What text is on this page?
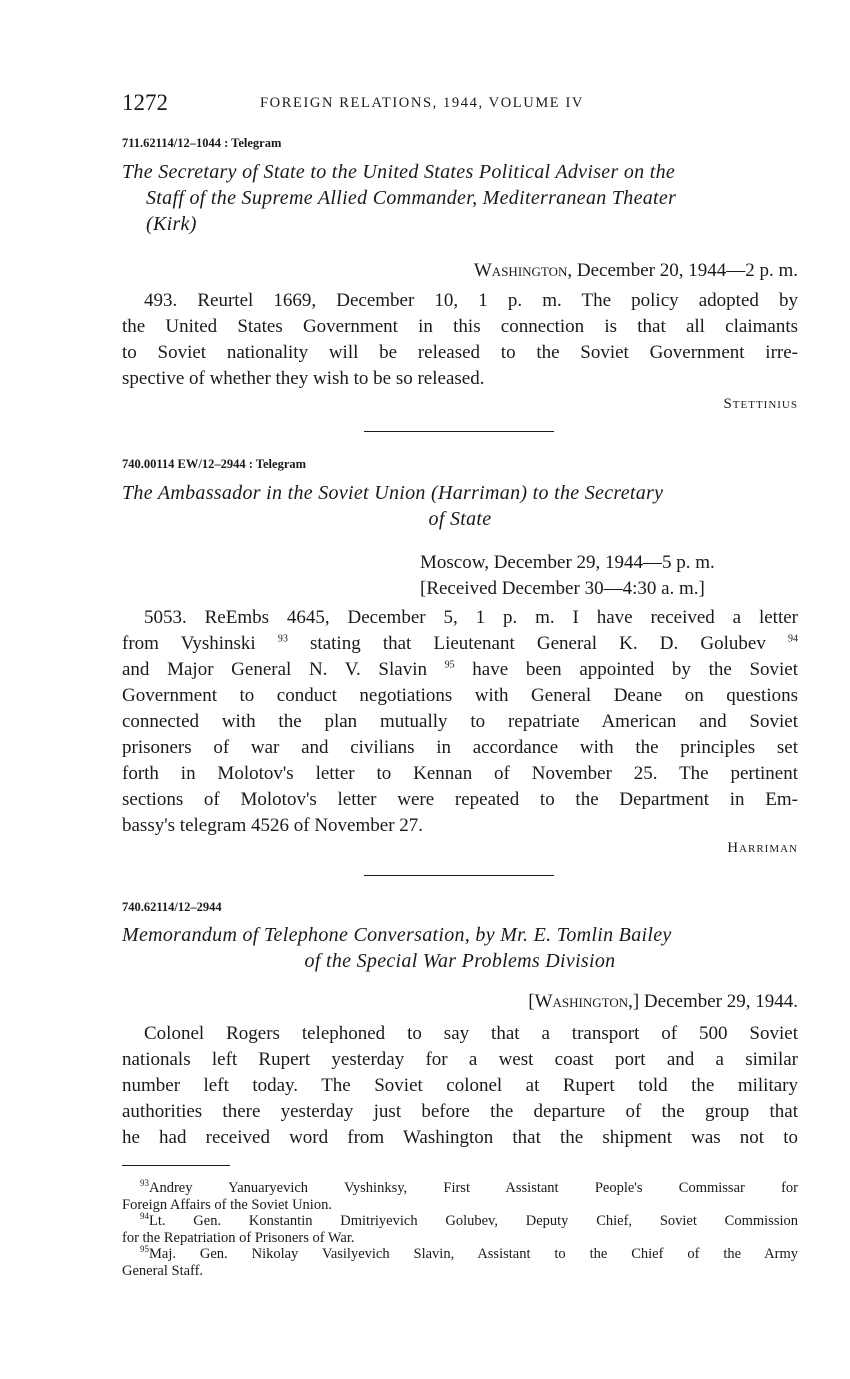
1272	FOREIGN RELATIONS, 1944, VOLUME IV
711.62114/12–1044 : Telegram
The Secretary of State to the United States Political Adviser on the
Staff of the Supreme Allied Commander, Mediterranean Theater
(Kirk)
Washington, December 20, 1944—2 p. m.
493. Reurtel 1669, December 10, 1 p. m. The policy adopted by
the United States Government in this connection is that all claimants
to Soviet nationality will be released to the Soviet Government irre-
spective of whether they wish to be so released.
Stettinius
740.00114 EW/12–2944 : Telegram
The Ambassador in the Soviet Union (Harriman) to the Secretary
of State
Moscow, December 29, 1944—5 p. m.
[Received December 30—4:30 a. m.]
5053. ReEmbs 4645, December 5, 1 p. m. I have received a letter
from Vyshinski $^{93}$ stating that Lieutenant General K. D. Golubev $^{94}$
and Major General N. V. Slavin $^{95}$ have been appointed by the Soviet
Government to conduct negotiations with General Deane on questions
connected with the plan mutually to repatriate American and Soviet
prisoners of war and civilians in accordance with the principles set
forth in Molotov's letter to Kennan of November 25. The pertinent
sections of Molotov's letter were repeated to the Department in Em-
bassy's telegram 4526 of November 27.
Harriman
740.62114/12–2944
Memorandum of Telephone Conversation, by Mr. E. Tomlin Bailey
of the Special War Problems Division
[Washington,] December 29, 1944.
Colonel Rogers telephoned to say that a transport of 500 Soviet
nationals left Rupert yesterday for a west coast port and a similar
number left today. The Soviet colonel at Rupert told the military
authorities there yesterday just before the departure of the group that
he had received word from Washington that the shipment was not to
$^{93}$Andrey Yanuaryevich Vyshinksy, First Assistant People's Commissar for
Foreign Affairs of the Soviet Union.
$^{94}$Lt. Gen. Konstantin Dmitriyevich Golubev, Deputy Chief, Soviet Commission
for the Repatriation of Prisoners of War.
$^{95}$Maj. Gen. Nikolay Vasilyevich Slavin, Assistant to the Chief of the Army
General Staff.
